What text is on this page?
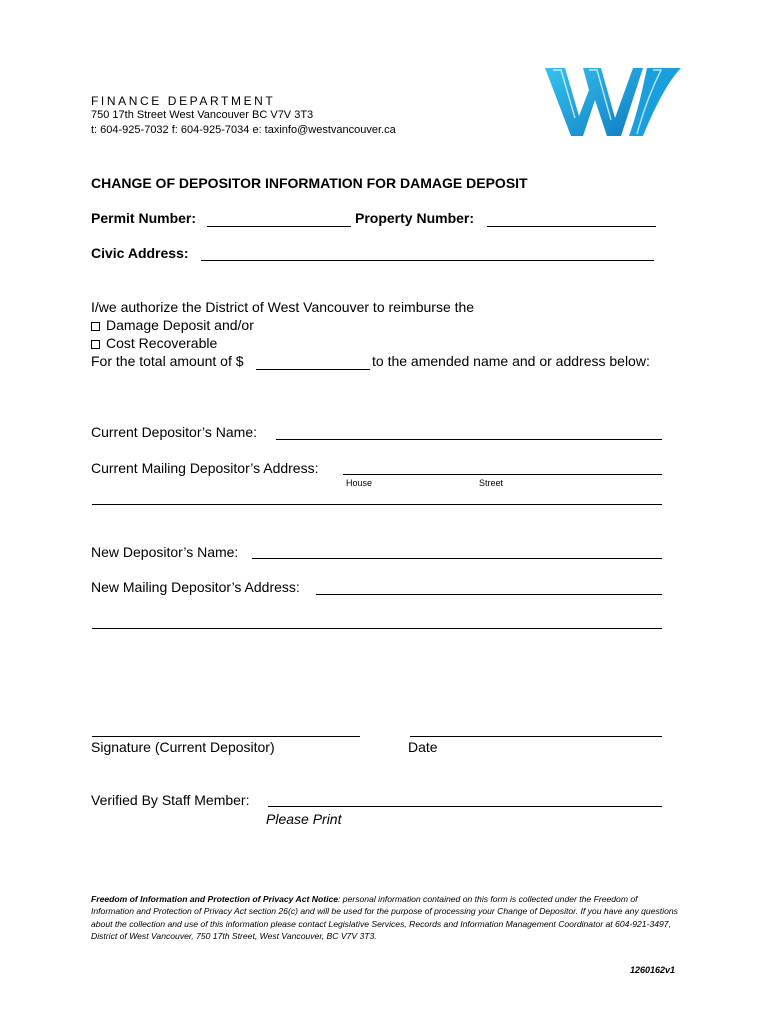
FINANCE DEPARTMENT
750 17th Street West Vancouver BC V7V 3T3
t: 604-925-7032 f: 604-925-7034 e: taxinfo@westvancouver.ca
CHANGE OF DEPOSITOR INFORMATION FOR DAMAGE DEPOSIT
Permit Number:	Property Number:
Civic Address:
I/we authorize the District of West Vancouver to reimburse the
Damage Deposit and/or
Cost Recoverable
For the total amount of $	to the amended name and or address below:
Current Depositor’s Name:
Current Mailing Depositor’s Address:
House	Street
New Depositor’s Name:
New Mailing Depositor’s Address:
Signature (Current Depositor)	Date
Verified By Staff Member:
Please Print
Freedom of Information and Protection of Privacy Act Notice: personal information contained on this form is collected under the Freedom of Information and Protection of Privacy Act section 26(c) and will be used for the purpose of processing your Change of Depositor. If you have any questions about the collection and use of this information please contact Legislative Services, Records and Information Management Coordinator at 604-921-3497, District of West Vancouver, 750 17th Street, West Vancouver, BC V7V 3T3.
1260162v1
